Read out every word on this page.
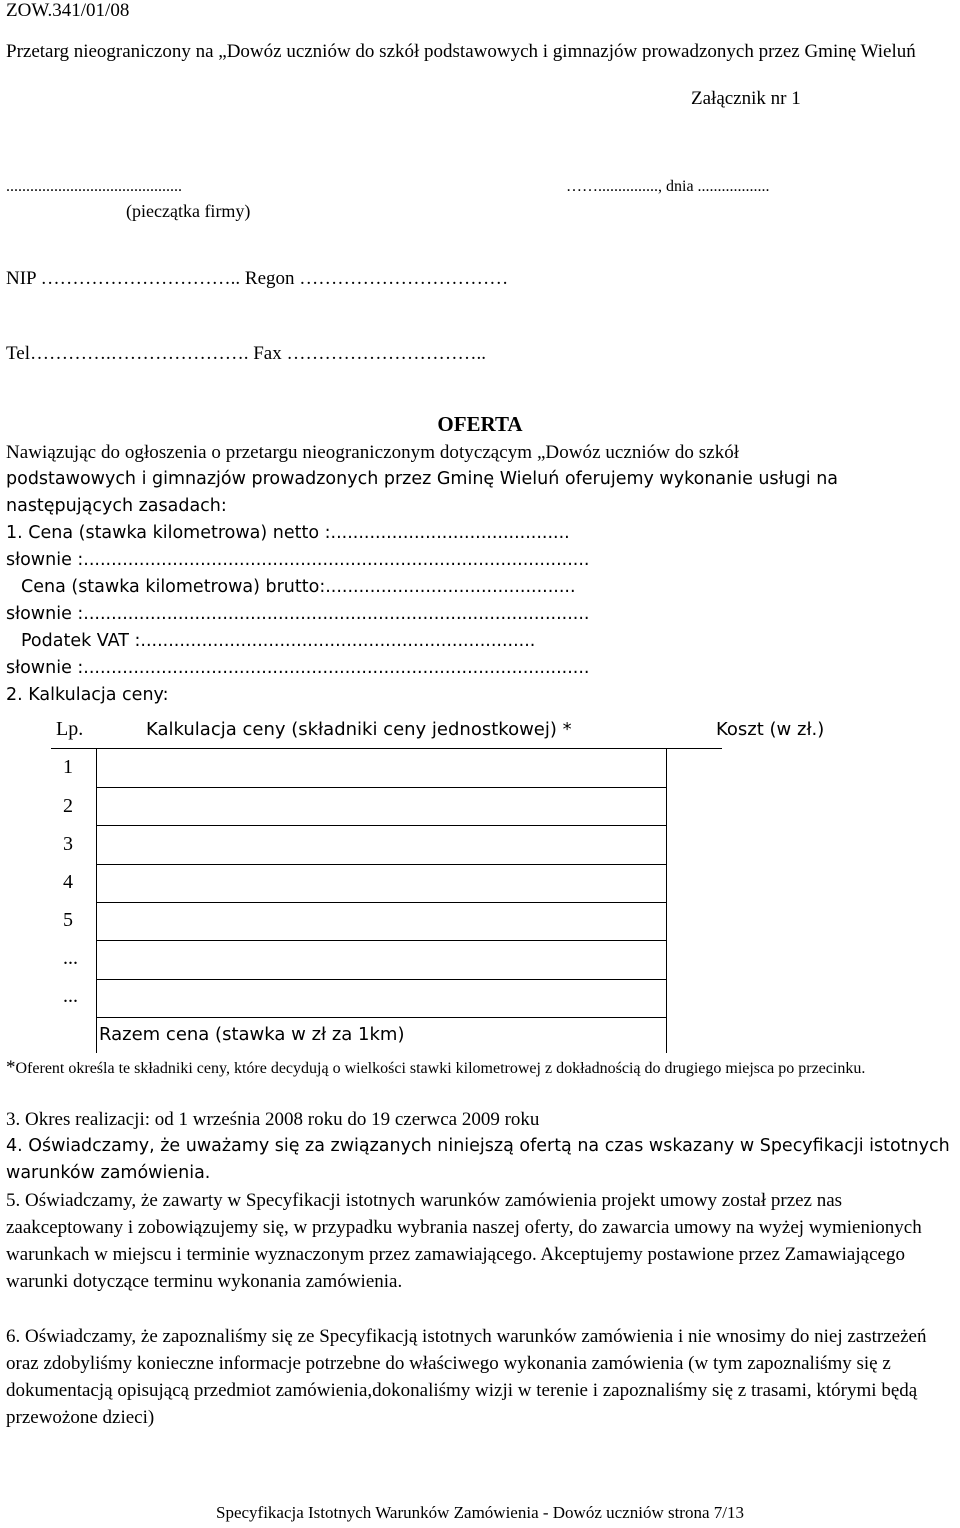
ZOW.341/01/08
Przetarg nieograniczony na „Dowóz uczniów do szkół podstawowych i gimnazjów prowadzonych przez Gminę Wieluń
Załącznik nr 1
............................................	……..............., dnia ..................
(pieczątka firmy)
NIP ………………………….. Regon ……………………………
Tel………….…………………. Fax …………………………..
OFERTA
Nawiązując do ogłoszenia o przetargu nieograniczonym dotyczącym „Dowóz uczniów do szkół
podstawowych i gimnazjów prowadzonych przez Gminę Wieluń oferujemy wykonanie usługi na
następujących zasadach:
1. Cena (stawka kilometrowa) netto :...........................................
słownie :...........................................................................................
Cena (stawka kilometrowa) brutto:.............................................
słownie :...........................................................................................
Podatek VAT :.......................................................................
słownie :...........................................................................................
2. Kalkulacja ceny:
Lp.	Kalkulacja ceny (składniki ceny jednostkowej) *	Koszt (w zł.)
1
2
3
4
5
...
...
Razem cena (stawka w zł za 1km)
*Oferent określa te składniki ceny, które decydują o wielkości stawki kilometrowej z dokładnością do drugiego miejsca po przecinku.
3. Okres realizacji: od 1 września 2008 roku do 19 czerwca 2009 roku
4. Oświadczamy, że uważamy się za związanych niniejszą ofertą na czas wskazany w Specyfikacji istotnych warunków zamówienia.
5. Oświadczamy, że zawarty w Specyfikacji istotnych warunków zamówienia projekt umowy został przez nas zaakceptowany i zobowiązujemy się, w przypadku wybrania naszej oferty, do zawarcia umowy na wyżej wymienionych warunkach w miejscu i terminie wyznaczonym przez zamawiającego. Akceptujemy postawione przez Zamawiającego warunki dotyczące terminu wykonania zamówienia.
6. Oświadczamy, że zapoznaliśmy się ze Specyfikacją istotnych warunków zamówienia i nie wnosimy do niej zastrzeżeń oraz zdobyliśmy konieczne informacje potrzebne do właściwego wykonania zamówienia (w tym zapoznaliśmy się z dokumentacją opisującą przedmiot zamówienia,dokonaliśmy wizji w terenie i zapoznaliśmy się z trasami, którymi będą przewożone dzieci)
Specyfikacja Istotnych Warunków Zamówienia - Dowóz uczniów strona 7/13
